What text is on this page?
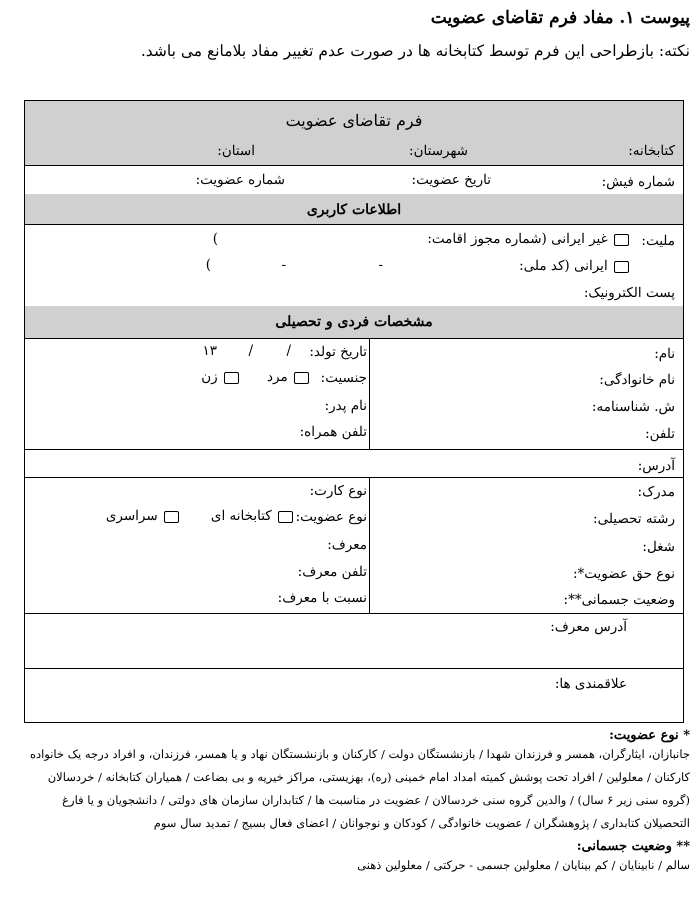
پیوست ۱. مفاد فرم تقاضای عضویت
نکته: بازطراحی این فرم توسط کتابخانه ها در صورت عدم تغییر مفاد بلامانع می باشد.
فرم تقاضای عضویت
کتابخانه:
شهرستان:
استان:
شماره فیش:
تاریخ عضویت:
شماره عضویت:
اطلاعات کاربری
ملیت:
غیر ایرانی (شماره مجوز اقامت:
)
ایرانی (کد ملی:
-
-
)
پست الکترونیک:
مشخصات فردی و تحصیلی
نام:
تاریخ تولد:
/
/
۱۳
نام خانوادگی:
جنسیت:
مرد
زن
ش. شناسنامه:
نام پدر:
تلفن:
تلفن همراه:
آدرس:
مدرک:
نوع کارت:
رشته تحصیلی:
نوع عضویت:
کتابخانه ای
سراسری
شغل:
معرف:
نوع حق عضویت*:
تلفن معرف:
وضعیت جسمانی**:
نسبت با معرف:
آدرس معرف:
علاقمندی ها:
* نوع عضویت:
جانبازان، ایثارگران، همسر و فرزندان شهدا / بازنشستگان دولت / کارکنان و بازنشستگان نهاد و یا همسر، فرزندان، و افراد درجه یک خانواده
کارکنان / معلولین / افراد تحت پوشش کمیته امداد امام خمینی (ره)، بهزیستی، مراکز خیریه و بی بضاعت / همیاران کتابخانه / خردسالان
(گروه سنی زیر ۶ سال) / والدین گروه سنی خردسالان / عضویت در مناسبت ها / کتابداران سازمان های دولتی / دانشجویان و یا فارغ
التحصیلان کتابداری / پژوهشگران / عضویت خانوادگی / کودکان و نوجوانان / اعضای فعال بسیج / تمدید سال سوم
** وضعیت جسمانی:
سالم / نابینایان / کم بینایان / معلولین جسمی - حرکتی / معلولین ذهنی
